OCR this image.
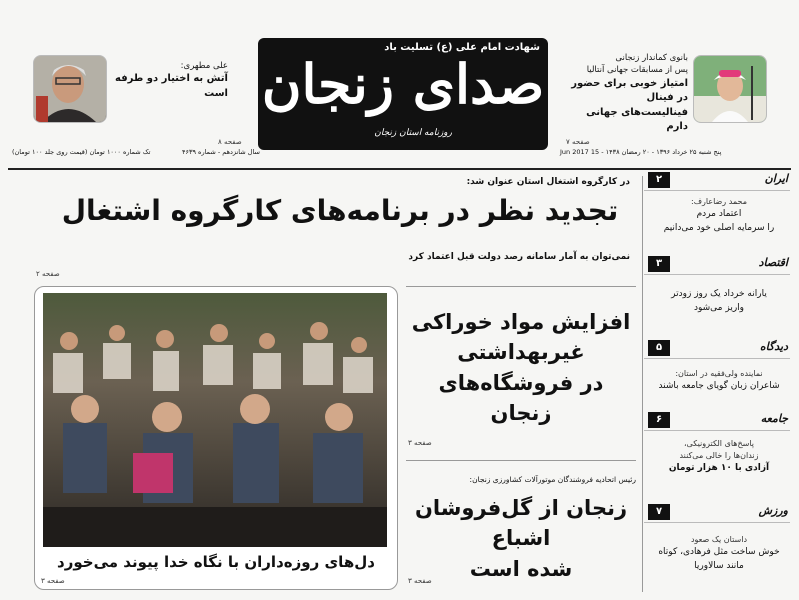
علی مطهری:
آتش به اختیار دو طرفه است
صفحه ۸
شهادت امام علی (ع) تسلیت باد
صدای زنجان
روزنامه استان زنجان
بانوی کماندار زنجانی
پس از مسابقات جهانی آنتالیا
امتیاز خوبی برای حضور در فینال
فینالیست‌های جهانی دارم
صفحه ۷
تک شماره ۱۰۰۰ تومان (قیمت روی جلد ۱۰۰ تومان)	سال شانزدهم - شماره ۴۶۳۹	پنج شنبه ۲۵ خرداد ۱۳۹۶ - ۲۰ رمضان ۱۴۳۸ - 15 Jun 2017
در کارگروه اشتغال استان عنوان شد:
تجدید نظر در برنامه‌های کارگروه اشتغال
نمی‌توان به آمار سامانه رصد دولت قبل اعتماد کرد
صفحه ۲
دل‌های روزه‌داران با نگاه خدا پیوند می‌خورد
صفحه ۳
افزایش مواد خوراکی
غیربهداشتی
در فروشگاه‌های زنجان
صفحه ۳
رئیس اتحادیه فروشندگان موتورآلات کشاورزی زنجان:
زنجان از گل‌فروشان اشباع
شده است
صفحه ۳
ایران
۲
محمد رضاعارف:
اعتماد مردم
را سرمایه اصلی خود می‌دانیم
اقتصاد
۳
یارانه خرداد یک روز زودتر
واریز می‌شود
دیدگاه
۵
نماینده ولی‌فقیه در استان:
شاعران زبان گویای جامعه باشند
جامعه
۶
پاسخ‌های الکترونیکی،
زندان‌ها را خالی می‌کنند
آزادی با ۱۰ هزار تومان
ورزش
۷
داستان یک صعود
خوش ساخت مثل فرهادی، کوتاه
مانند سالاوریا
